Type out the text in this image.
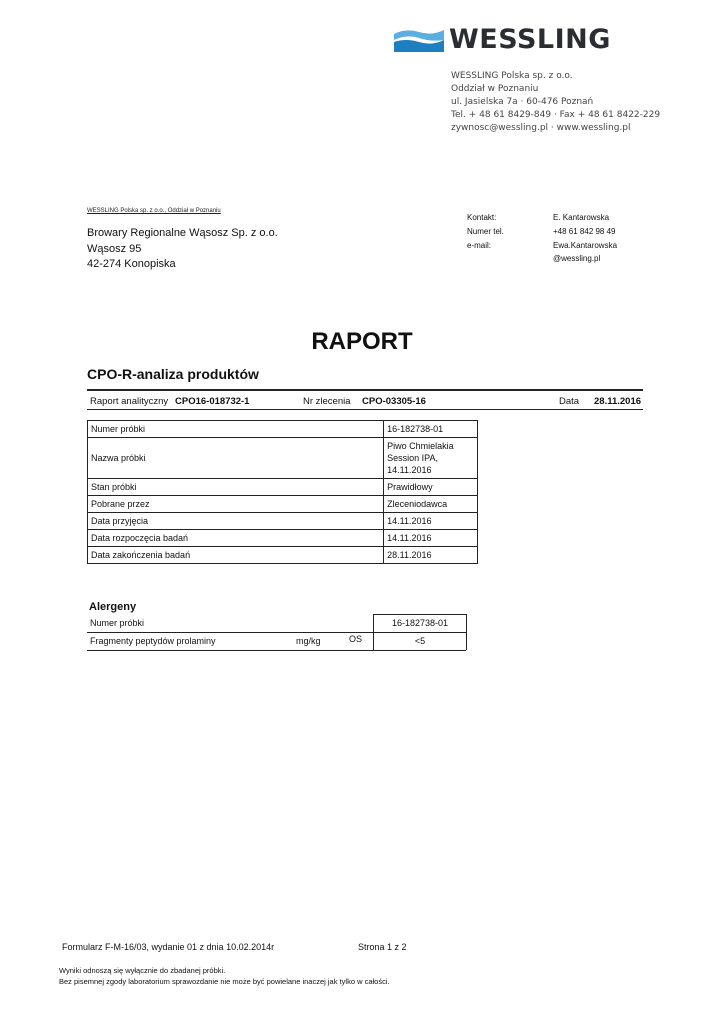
WESSLING
WESSLING Polska sp. z o.o.
Oddział w Poznaniu
ul. Jasielska 7a · 60-476 Poznań
Tel. + 48 61 8429-849 · Fax + 48 61 8422-229
zywnosc@wessling.pl · www.wessling.pl
WESSLING Polska sp. z o.o., Oddział w Poznaniu
Browary Regionalne Wąsosz Sp. z o.o.
Wąsosz 95
42-274 Konopiska
Kontakt:	E. Kantarowska
Numer tel.	+48 61 842 98 49
e-mail:	Ewa.Kantarowska
@wessling.pl
RAPORT
CPO-R-analiza produktów
Raport analityczny CPO16-018732-1	Nr zlecenia CPO-03305-16	Data 28.11.2016
Numer próbki	16-182738-01
Nazwa próbki	Piwo Chmielakia
Session IPA,
14.11.2016

Stan próbki	Prawidłowy
Pobrane przez	Zleceniodawca
Data przyjęcia	14.11.2016
Data rozpoczęcia badań	14.11.2016
Data zakończenia badań	28.11.2016
Alergeny
Numer próbki	16-182738-01
Fragmenty peptydów prolaminy	mg/kg	OS	<5
Formularz F-M-16/03, wydanie 01 z dnia 10.02.2014r	Strona 1 z 2
Wyniki odnoszą się wyłącznie do zbadanej próbki.
Bez pisemnej zgody laboratorium sprawozdanie nie może być powielane inaczej jak tylko w całości.
